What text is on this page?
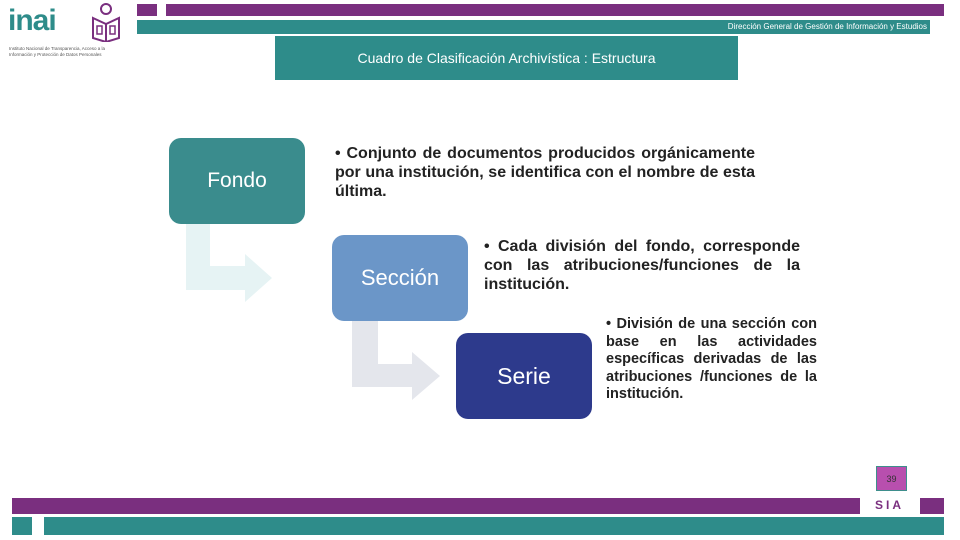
inai
Instituto Nacional de Transparencia, Acceso a la Información y Protección de Datos Personales
Dirección General de Gestión de Información y Estudios
Cuadro de Clasificación Archivística : Estructura
Fondo
Sección
Serie
• Conjunto de documentos producidos orgánicamente por una institución, se identifica con el nombre de esta última.
• Cada división del fondo, corresponde con las atribuciones/funciones de la institución.
• División de una sección con base en las actividades específicas derivadas de las atribuciones /funciones de la institución.
39
SIA
